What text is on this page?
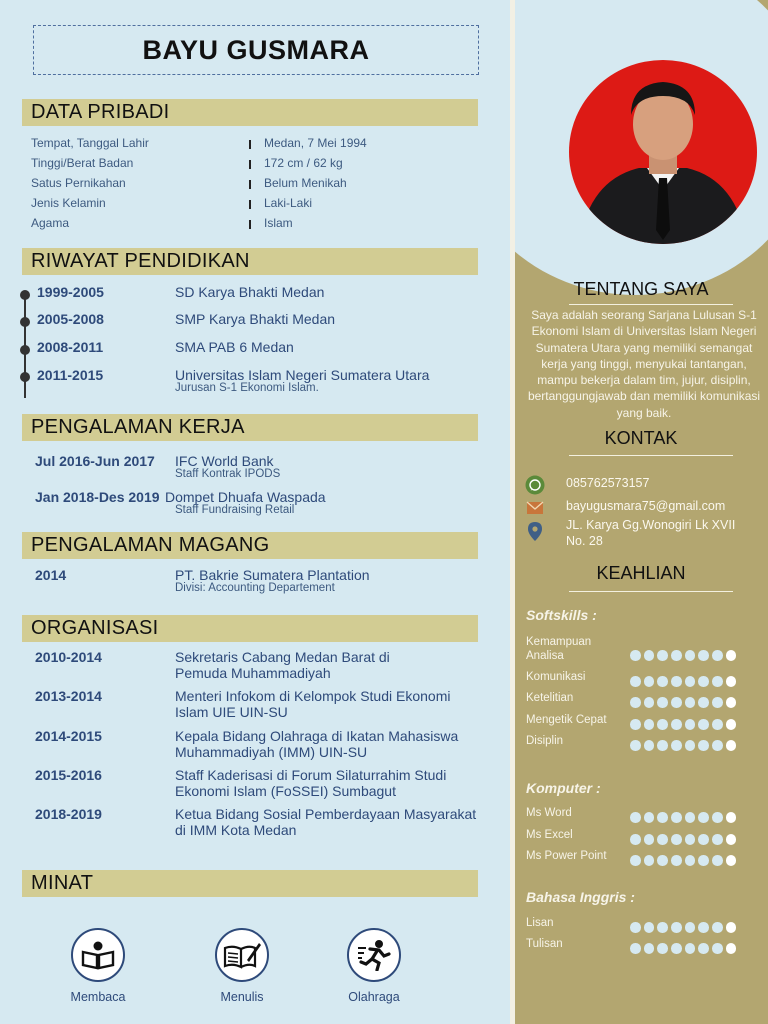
BAYU GUSMARA
DATA PRIBADI
Tempat, Tanggal Lahir	Medan, 7 Mei 1994
Tinggi/Berat Badan	172 cm / 62 kg
Satus Pernikahan	Belum Menikah
Jenis Kelamin	Laki-Laki
Agama	Islam
RIWAYAT PENDIDIKAN
1999-2005	SD Karya Bhakti Medan
2005-2008	SMP Karya Bhakti Medan
2008-2011	SMA PAB 6 Medan
2011-2015	Universitas Islam Negeri Sumatera Utara
Jurusan S-1 Ekonomi Islam.
PENGALAMAN KERJA
Jul 2016-Jun 2017 IFC World Bank
Staff Kontrak IPODS
Jan 2018-Des 2019 Dompet Dhuafa Waspada
Staff Fundraising Retail
PENGALAMAN MAGANG
2014	PT. Bakrie Sumatera Plantation
Divisi: Accounting Departement
ORGANISASI
2010-2014	Sekretaris Cabang Medan Barat di
Pemuda Muhammadiyah
2013-2014	Menteri Infokom di Kelompok Studi Ekonomi
Islam UIE UIN-SU
2014-2015	Kepala Bidang Olahraga di Ikatan Mahasiswa
Muhammadiyah (IMM) UIN-SU
2015-2016	Staff Kaderisasi di Forum Silaturrahim Studi
Ekonomi Islam (FoSSEI) Sumbagut
2018-2019	Ketua Bidang Sosial Pemberdayaan Masyarakat
di IMM Kota Medan
MINAT
Membaca	Menulis	Olahraga
TENTANG SAYA
Saya adalah seorang Sarjana Lulusan S-1 Ekonomi Islam di Universitas Islam Negeri Sumatera Utara yang memiliki semangat kerja yang tinggi, menyukai tantangan, mampu bekerja dalam tim, jujur, disiplin, bertanggungjawab dan memiliki komunikasi yang baik.
KONTAK
085762573157
bayugusmara75@gmail.com
JL. Karya Gg.Wonogiri Lk XVII
No. 28
KEAHLIAN
Softskills :
Kemampuan
Analisa
Komunikasi
Ketelitian
Mengetik Cepat
Disiplin
Komputer :
Ms Word
Ms Excel
Ms Power Point
Bahasa Inggris :
Lisan
Tulisan
